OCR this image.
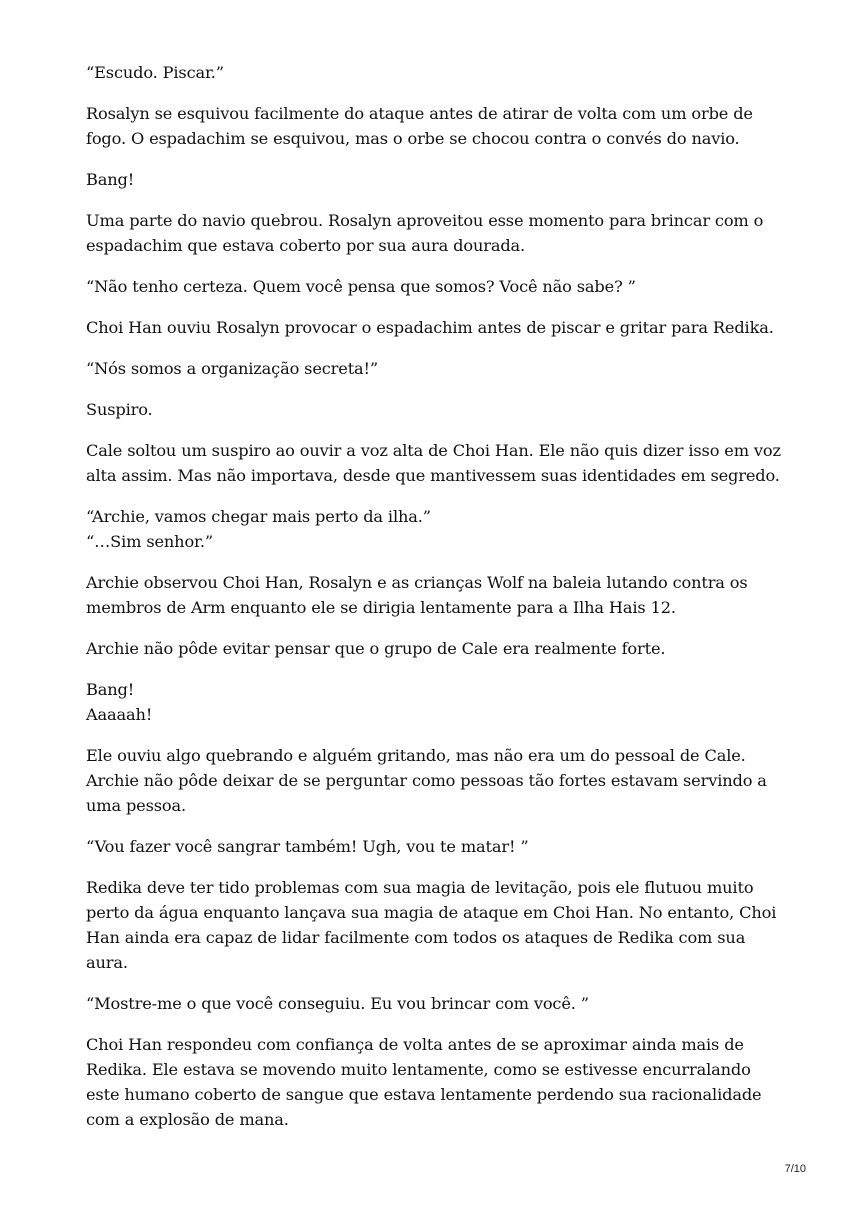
“Escudo. Piscar.”

Rosalyn se esquivou facilmente do ataque antes de atirar de volta com um orbe de fogo. O espadachim se esquivou, mas o orbe se chocou contra o convés do navio.

Bang!

Uma parte do navio quebrou. Rosalyn aproveitou esse momento para brincar com o espadachim que estava coberto por sua aura dourada.

“Não tenho certeza. Quem você pensa que somos? Você não sabe? ”

Choi Han ouviu Rosalyn provocar o espadachim antes de piscar e gritar para Redika.

“Nós somos a organização secreta!”

Suspiro.

Cale soltou um suspiro ao ouvir a voz alta de Choi Han. Ele não quis dizer isso em voz alta assim. Mas não importava, desde que mantivessem suas identidades em segredo.

“Archie, vamos chegar mais perto da ilha.”
“…Sim senhor.”

Archie observou Choi Han, Rosalyn e as crianças Wolf na baleia lutando contra os membros de Arm enquanto ele se dirigia lentamente para a Ilha Hais 12.

Archie não pôde evitar pensar que o grupo de Cale era realmente forte.

Bang!
Aaaaah!

Ele ouviu algo quebrando e alguém gritando, mas não era um do pessoal de Cale. Archie não pôde deixar de se perguntar como pessoas tão fortes estavam servindo a uma pessoa.

“Vou fazer você sangrar também! Ugh, vou te matar! ”

Redika deve ter tido problemas com sua magia de levitação, pois ele flutuou muito perto da água enquanto lançava sua magia de ataque em Choi Han. No entanto, Choi Han ainda era capaz de lidar facilmente com todos os ataques de Redika com sua aura.

“Mostre-me o que você conseguiu. Eu vou brincar com você. ”

Choi Han respondeu com confiança de volta antes de se aproximar ainda mais de Redika. Ele estava se movendo muito lentamente, como se estivesse encurralando este humano coberto de sangue que estava lentamente perdendo sua racionalidade com a explosão de mana.

7/10
